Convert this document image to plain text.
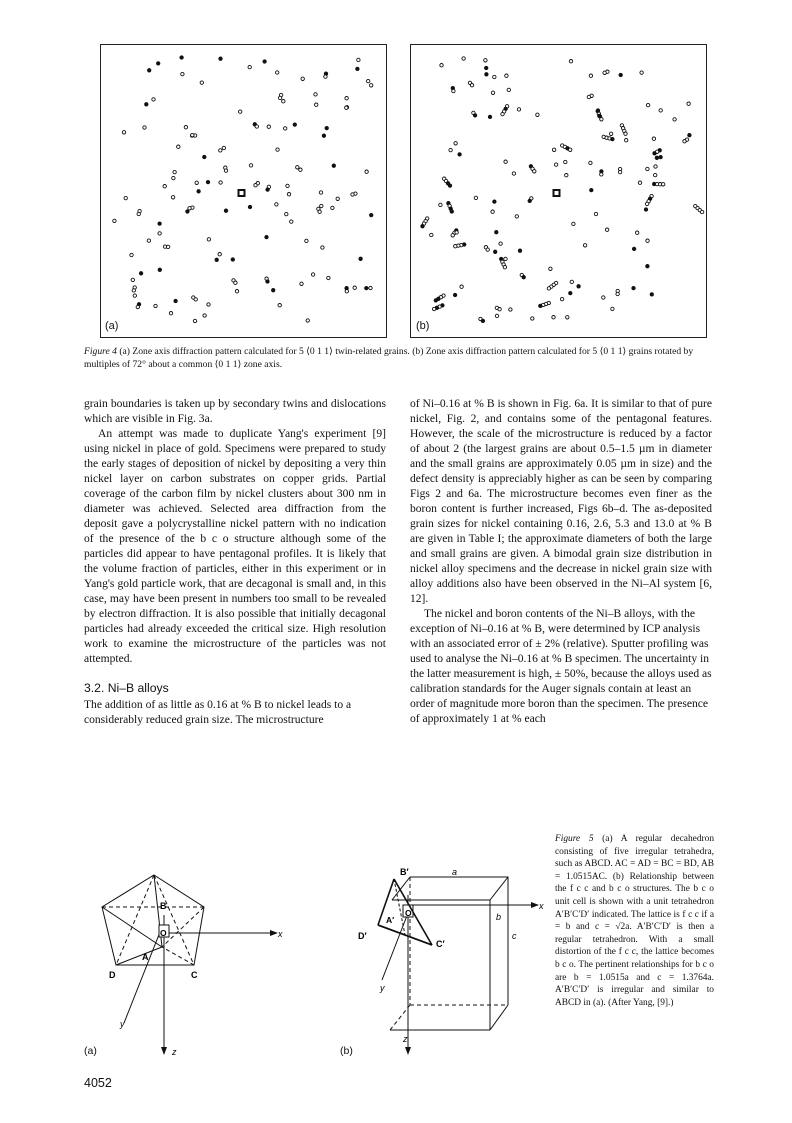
(a)	(b)
Figure 4 (a) Zone axis diffraction pattern calculated for 5 ⟨0 1 1⟩ twin-related grains. (b) Zone axis diffraction pattern calculated for 5 ⟨0 1 1⟩ grains rotated by multiples of 72° about a common ⟨0 1 1⟩ zone axis.

grain boundaries is taken up by secondary twins and dislocations which are visible in Fig. 3a.

An attempt was made to duplicate Yang's experiment [9] using nickel in place of gold. Specimens were prepared to study the early stages of deposition of nickel by depositing a very thin nickel layer on carbon substrates on copper grids. Partial coverage of the carbon film by nickel clusters about 300 nm in diameter was achieved. Selected area diffraction from the deposit gave a polycrystalline nickel pattern with no indication of the presence of the b c o structure although some of the particles did appear to have pentagonal profiles. It is likely that the volume fraction of particles, either in this experiment or in Yang's gold particle work, that are decagonal is small and, in this case, may have been present in numbers too small to be revealed by electron diffraction. It is also possible that initially decagonal particles had already exceeded the critical size. High resolution work to examine the microstructure of the particles was not attempted.

3.2. Ni–B alloys

The addition of as little as 0.16 at % B to nickel leads to a considerably reduced grain size. The microstructure

of Ni–0.16 at % B is shown in Fig. 6a. It is similar to that of pure nickel, Fig. 2, and contains some of the pentagonal features. However, the scale of the microstructure is reduced by a factor of about 2 (the largest grains are about 0.5–1.5 µm in diameter and the small grains are approximately 0.05 µm in size) and the defect density is appreciably higher as can be seen by comparing Figs 2 and 6a. The microstructure becomes even finer as the boron content is further increased, Figs 6b–d. The as-deposited grain sizes for nickel containing 0.16, 2.6, 5.3 and 13.0 at % B are given in Table I; the approximate diameters of both the large and small grains are given. A bimodal grain size distribution in nickel alloy specimens and the decrease in nickel grain size with alloy additions also have been observed in the Ni–Al system [6, 12].

The nickel and boron contents of the Ni–B alloys, with the exception of Ni–0.16 at % B, were determined by ICP analysis with an associated error of ± 2% (relative). Sputter profiling was used to analyse the Ni–0.16 at % B specimen. The uncertainty in the latter measurement is high, ± 50%, because the alloys used as calibration standards for the Auger signals contain at least an order of magnitude more boron than the specimen. The presence of approximately 1 at % each

B
O
A
D	C
x
y
z
(a)
B′	a
O
A′
D′
C′
b
c
x
y
z
(b)
Figure 5 (a) A regular decahedron consisting of five irregular tetrahedra, such as ABCD. AC = AD = BC = BD, AB = 1.0515AC. (b) Relationship between the f c c and b c o structures. The b c o unit cell is shown with a unit tetrahedron A′B′C′D′ indicated. The lattice is f c c if a = b and c = √2a. A′B′C′D′ is then a regular tetrahedron. With a small distortion of the f c c, the lattice becomes b c o. The pertinent relationships for b c o are b = 1.0515a and c = 1.3764a. A′B′C′D′ is irregular and similar to ABCD in (a). (After Yang, [9].)
4052
